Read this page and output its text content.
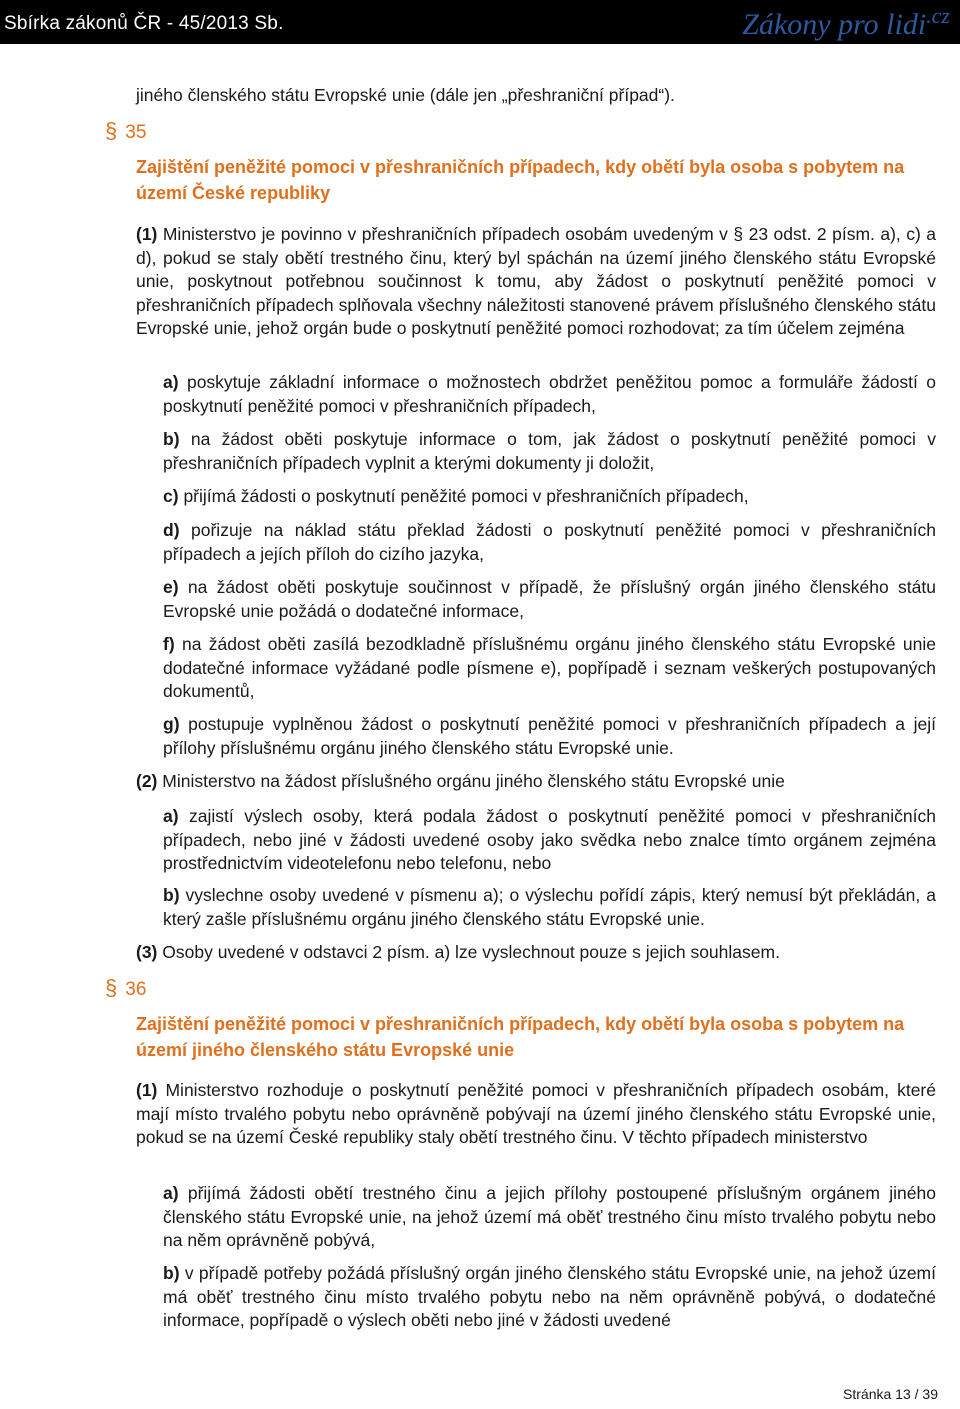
Sbírka zákonů ČR - 45/2013 Sb.	Zákony pro lidi$^{.cz}$

jiného členského státu Evropské unie (dále jen „přeshraniční případ“).

§ 35

Zajištění peněžité pomoci v přeshraničních případech, kdy obětí byla osoba s pobytem na území České republiky

(1) Ministerstvo je povinno v přeshraničních případech osobám uvedeným v § 23 odst. 2 písm. a), c) a d), pokud se staly obětí trestného činu, který byl spáchán na území jiného členského státu Evropské unie, poskytnout potřebnou součinnost k tomu, aby žádost o poskytnutí peněžité pomoci v přeshraničních případech splňovala všechny náležitosti stanovené právem příslušného členského státu Evropské unie, jehož orgán bude o poskytnutí peněžité pomoci rozhodovat; za tím účelem zejména

a) poskytuje základní informace o možnostech obdržet peněžitou pomoc a formuláře žádostí o poskytnutí peněžité pomoci v přeshraničních případech,

b) na žádost oběti poskytuje informace o tom, jak žádost o poskytnutí peněžité pomoci v přeshraničních případech vyplnit a kterými dokumenty ji doložit,

c) přijímá žádosti o poskytnutí peněžité pomoci v přeshraničních případech,

d) pořizuje na náklad státu překlad žádosti o poskytnutí peněžité pomoci v přeshraničních případech a jejích příloh do cizího jazyka,

e) na žádost oběti poskytuje součinnost v případě, že příslušný orgán jiného členského státu Evropské unie požádá o dodatečné informace,

f) na žádost oběti zasílá bezodkladně příslušnému orgánu jiného členského státu Evropské unie dodatečné informace vyžádané podle písmene e), popřípadě i seznam veškerých postupovaných dokumentů,

g) postupuje vyplněnou žádost o poskytnutí peněžité pomoci v přeshraničních případech a její přílohy příslušnému orgánu jiného členského státu Evropské unie.

(2) Ministerstvo na žádost příslušného orgánu jiného členského státu Evropské unie

a) zajistí výslech osoby, která podala žádost o poskytnutí peněžité pomoci v přeshraničních případech, nebo jiné v žádosti uvedené osoby jako svědka nebo znalce tímto orgánem zejména prostřednictvím videotelefonu nebo telefonu, nebo

b) vyslechne osoby uvedené v písmenu a); o výslechu pořídí zápis, který nemusí být překládán, a který zašle příslušnému orgánu jiného členského státu Evropské unie.

(3) Osoby uvedené v odstavci 2 písm. a) lze vyslechnout pouze s jejich souhlasem.

§ 36

Zajištění peněžité pomoci v přeshraničních případech, kdy obětí byla osoba s pobytem na území jiného členského státu Evropské unie

(1) Ministerstvo rozhoduje o poskytnutí peněžité pomoci v přeshraničních případech osobám, které mají místo trvalého pobytu nebo oprávněně pobývají na území jiného členského státu Evropské unie, pokud se na území České republiky staly obětí trestného činu. V těchto případech ministerstvo

a) přijímá žádosti obětí trestného činu a jejich přílohy postoupené příslušným orgánem jiného členského státu Evropské unie, na jehož území má oběť trestného činu místo trvalého pobytu nebo na něm oprávněně pobývá,

b) v případě potřeby požádá příslušný orgán jiného členského státu Evropské unie, na jehož území má oběť trestného činu místo trvalého pobytu nebo na něm oprávněně pobývá, o dodatečné informace, popřípadě o výslech oběti nebo jiné v žádosti uvedené

Stránka 13 / 39
